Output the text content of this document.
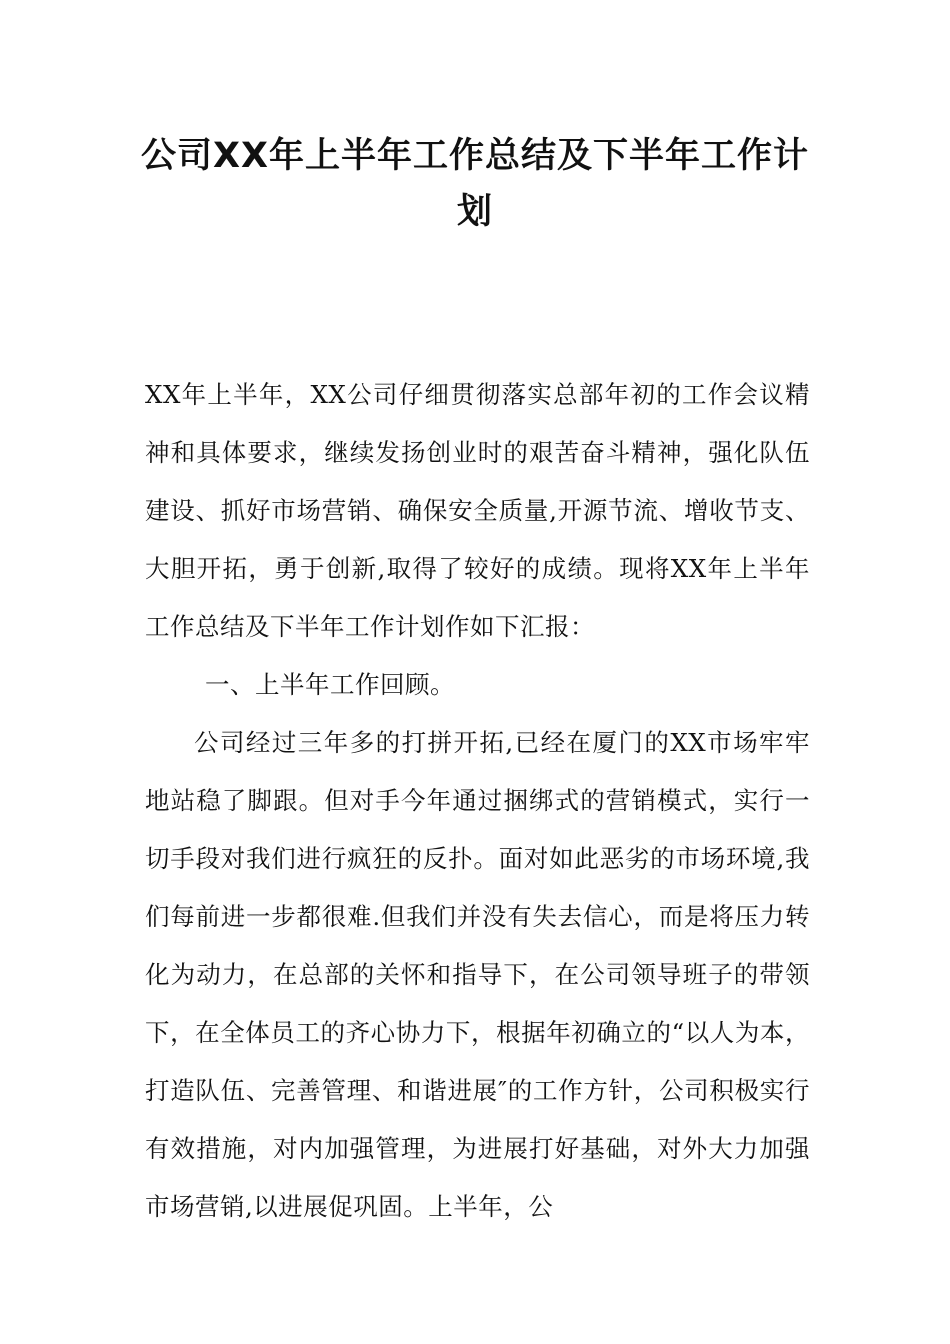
公司XX年上半年工作总结及下半年工作计划

XX年上半年，XX公司仔细贯彻落实总部年初的工作会议精神和具体要求，继续发扬创业时的艰苦奋斗精神，强化队伍建设、抓好市场营销、确保安全质量,开源节流、增收节支、大胆开拓，勇于创新,取得了较好的成绩。现将XX年上半年工作总结及下半年工作计划作如下汇报：

一、上半年工作回顾。

公司经过三年多的打拼开拓,已经在厦门的XX市场牢牢地站稳了脚跟。但对手今年通过捆绑式的营销模式，实行一切手段对我们进行疯狂的反扑。面对如此恶劣的市场环境,我们每前进一步都很难.但我们并没有失去信心，而是将压力转化为动力，在总部的关怀和指导下，在公司领导班子的带领下，在全体员工的齐心协力下，根据年初确立的“以人为本，打造队伍、完善管理、和谐进展″的工作方针，公司积极实行有效措施，对内加强管理，为进展打好基础，对外大力加强市场营销,以进展促巩固。上半年，公
